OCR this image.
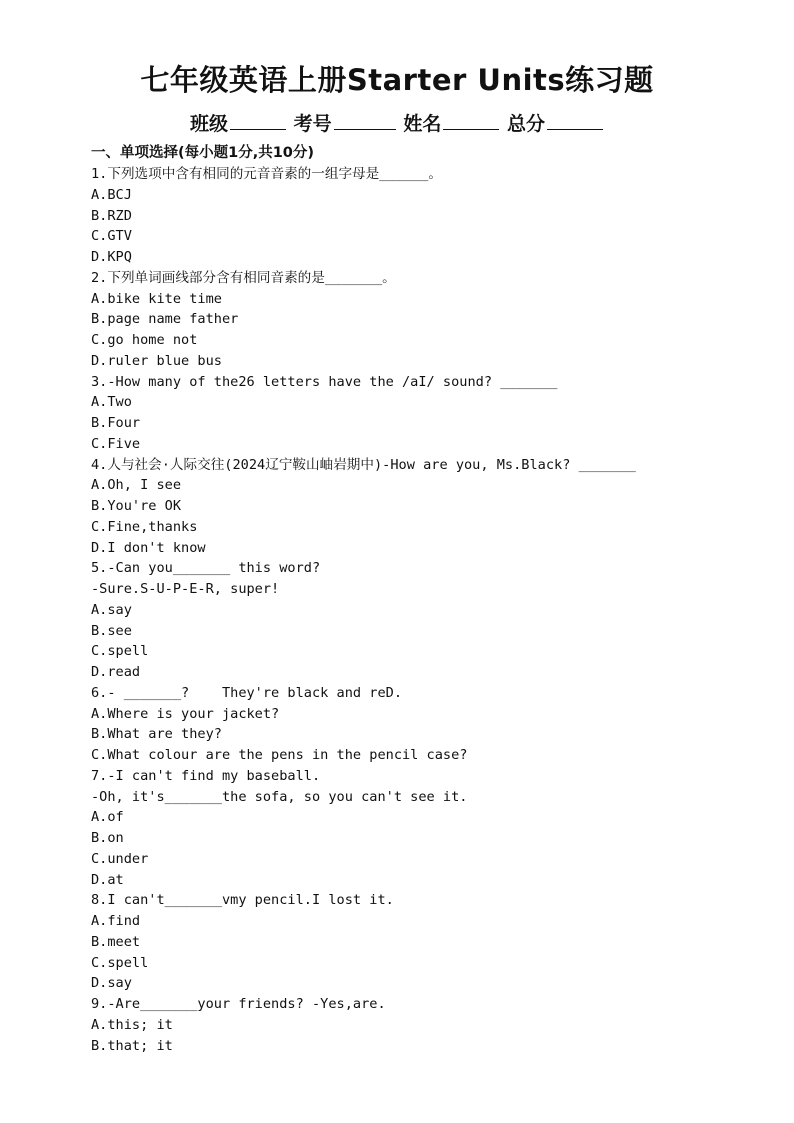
七年级英语上册Starter Units练习题
班级	考号	姓名	总分
一、单项选择(每小题1分,共10分)
1.下列选项中含有相同的元音音素的一组字母是______。
A.BCJ
B.RZD
C.GTV
D.KPQ
2.下列单词画线部分含有相同音素的是_______。
A.bike kite time
B.page name father
C.go home not
D.ruler blue bus
3.-How many of the26 letters have the /aI/ sound? _______
A.Two
B.Four
C.Five
4.人与社会·人际交往(2024辽宁鞍山岫岩期中)-How are you, Ms.Black? _______
A.Oh, I see
B.You're OK
C.Fine,thanks
D.I don't know
5.-Can you_______ this word?
-Sure.S-U-P-E-R, super!
A.say
B.see
C.spell
D.read
6.- _______?    They're black and reD.
A.Where is your jacket?
B.What are they?
C.What colour are the pens in the pencil case?
7.-I can't find my baseball.
-Oh, it's_______the sofa, so you can't see it.
A.of
B.on
C.under
D.at
8.I can't_______vmy pencil.I lost it.
A.find
B.meet
C.spell
D.say
9.-Are_______your friends? -Yes,are.
A.this; it
B.that; it
